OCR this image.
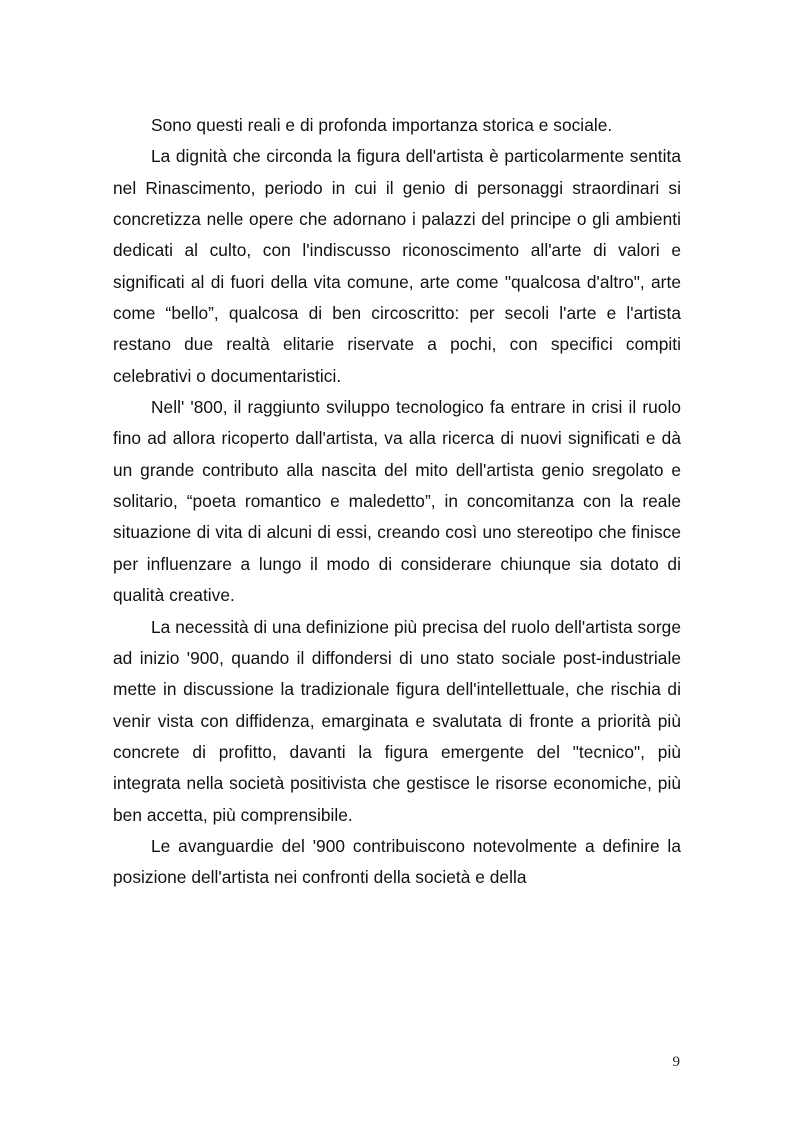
Sono questi reali e di profonda importanza storica e sociale.

La dignità che circonda la figura dell'artista è particolarmente sentita nel Rinascimento, periodo in cui il genio di personaggi straordinari si concretizza nelle opere che adornano i palazzi del principe o gli ambienti dedicati al culto, con l'indiscusso riconoscimento all'arte di valori e significati al di fuori della vita comune, arte come "qualcosa d'altro", arte come “bello”, qualcosa di ben circoscritto: per secoli l'arte e l'artista restano due realtà elitarie riservate a pochi, con specifici compiti celebrativi o documentaristici.

Nell' '800, il raggiunto sviluppo tecnologico fa entrare in crisi il ruolo fino ad allora ricoperto dall'artista, va alla ricerca di nuovi significati e dà un grande contributo alla nascita del mito dell'artista genio sregolato e solitario, “poeta romantico e maledetto”, in concomitanza con la reale situazione di vita di alcuni di essi, creando così uno stereotipo che finisce per influenzare a lungo il modo di considerare chiunque sia dotato di qualità creative.

La necessità di una definizione più precisa del ruolo dell'artista sorge ad inizio '900, quando il diffondersi di uno stato sociale post-industriale mette in discussione la tradizionale figura dell'intellettuale, che rischia di venir vista con diffidenza, emarginata e svalutata di fronte a priorità più concrete di profitto, davanti la figura emergente del "tecnico", più integrata nella società positivista che gestisce le risorse economiche, più ben accetta, più comprensibile.

Le avanguardie del '900 contribuiscono notevolmente a definire la posizione dell'artista nei confronti della società e della

9
